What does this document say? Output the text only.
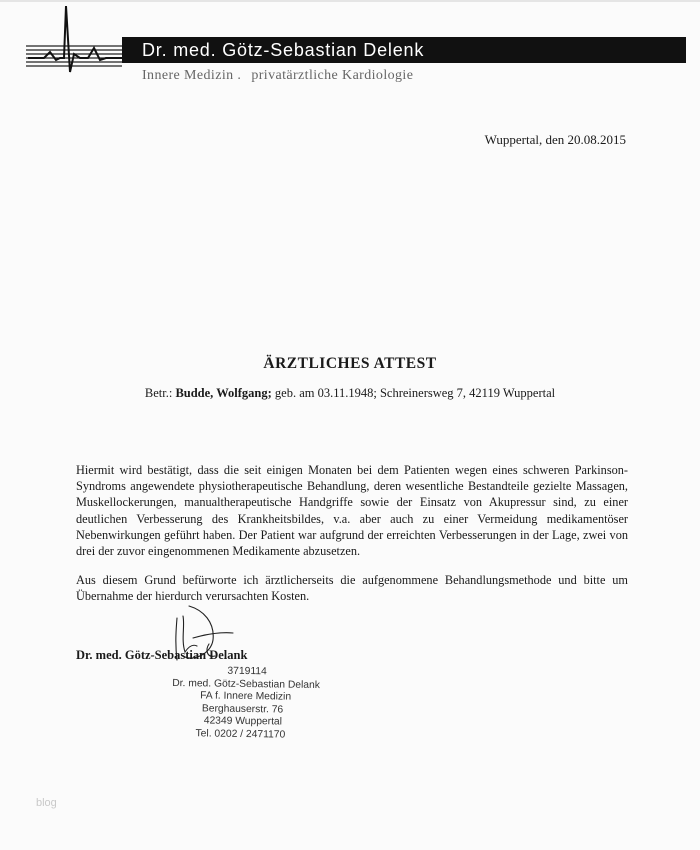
Dr. med. Götz-Sebastian Delenk
Innere Medizin . privatärztliche Kardiologie
Wuppertal, den 20.08.2015
ÄRZTLICHES ATTEST
Betr.: Budde, Wolfgang; geb. am 03.11.1948; Schreinersweg 7, 42119 Wuppertal

Hiermit wird bestätigt, dass die seit einigen Monaten bei dem Patienten wegen eines schweren Parkinson-Syndroms angewendete physiotherapeutische Behandlung, deren wesentliche Bestandteile gezielte Massagen, Muskellockerungen, manualtherapeutische Handgriffe sowie der Einsatz von Akupressur sind, zu einer deutlichen Verbesserung des Krankheitsbildes, v.a. aber auch zu einer Vermeidung medikamentöser Nebenwirkungen geführt haben. Der Patient war aufgrund der erreichten Verbesserungen in der Lage, zwei von drei der zuvor eingenommenen Medikamente abzusetzen.

Aus diesem Grund befürworte ich ärztlicherseits die aufgenommene Behandlungsmethode und bitte um Übernahme der hierdurch verursachten Kosten.

Dr. med. Götz-Sebastian Delank
3719114
Dr. med. Götz-Sebastian Delank
FA f. Innere Medizin
Berghauserstr. 76
42349 Wuppertal
Tel. 0202 / 2471170
blog
